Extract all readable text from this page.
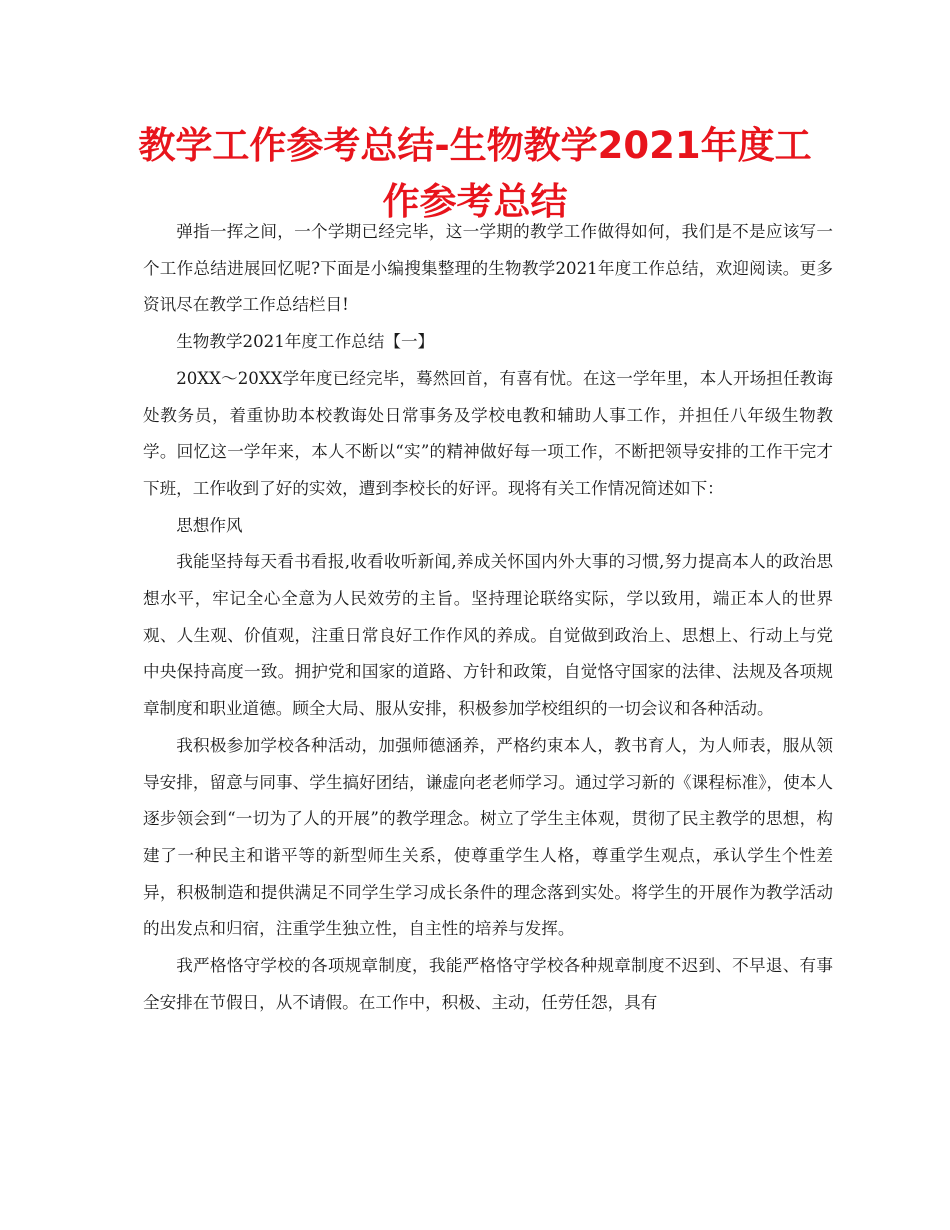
教学工作参考总结-生物教学2021年度工作参考总结

弹指一挥之间，一个学期已经完毕，这一学期的教学工作做得如何，我们是不是应该写一个工作总结进展回忆呢?下面是小编搜集整理的生物教学2021年度工作总结，欢迎阅读。更多资讯尽在教学工作总结栏目!

生物教学2021年度工作总结【一】

20XX～20XX学年度已经完毕，蓦然回首，有喜有忧。在这一学年里，本人开场担任教诲处教务员，着重协助本校教诲处日常事务及学校电教和辅助人事工作，并担任八年级生物教学。回忆这一学年来，本人不断以“实”的精神做好每一项工作，不断把领导安排的工作干完才下班，工作收到了好的实效，遭到李校长的好评。现将有关工作情况简述如下：

思想作风

我能坚持每天看书看报,收看收听新闻,养成关怀国内外大事的习惯,努力提高本人的政治思想水平，牢记全心全意为人民效劳的主旨。坚持理论联络实际，学以致用，端正本人的世界观、人生观、价值观，注重日常良好工作作风的养成。自觉做到政治上、思想上、行动上与党中央保持高度一致。拥护党和国家的道路、方针和政策，自觉恪守国家的法律、法规及各项规章制度和职业道德。顾全大局、服从安排，积极参加学校组织的一切会议和各种活动。

我积极参加学校各种活动，加强师德涵养，严格约束本人，教书育人，为人师表，服从领导安排，留意与同事、学生搞好团结，谦虚向老老师学习。通过学习新的《课程标准》，使本人逐步领会到“一切为了人的开展”的教学理念。树立了学生主体观，贯彻了民主教学的思想，构建了一种民主和谐平等的新型师生关系，使尊重学生人格，尊重学生观点，承认学生个性差异，积极制造和提供满足不同学生学习成长条件的理念落到实处。将学生的开展作为教学活动的出发点和归宿，注重学生独立性，自主性的培养与发挥。

我严格恪守学校的各项规章制度，我能严格恪守学校各种规章制度不迟到、不早退、有事全安排在节假日，从不请假。在工作中，积极、主动，任劳任怨，具有
